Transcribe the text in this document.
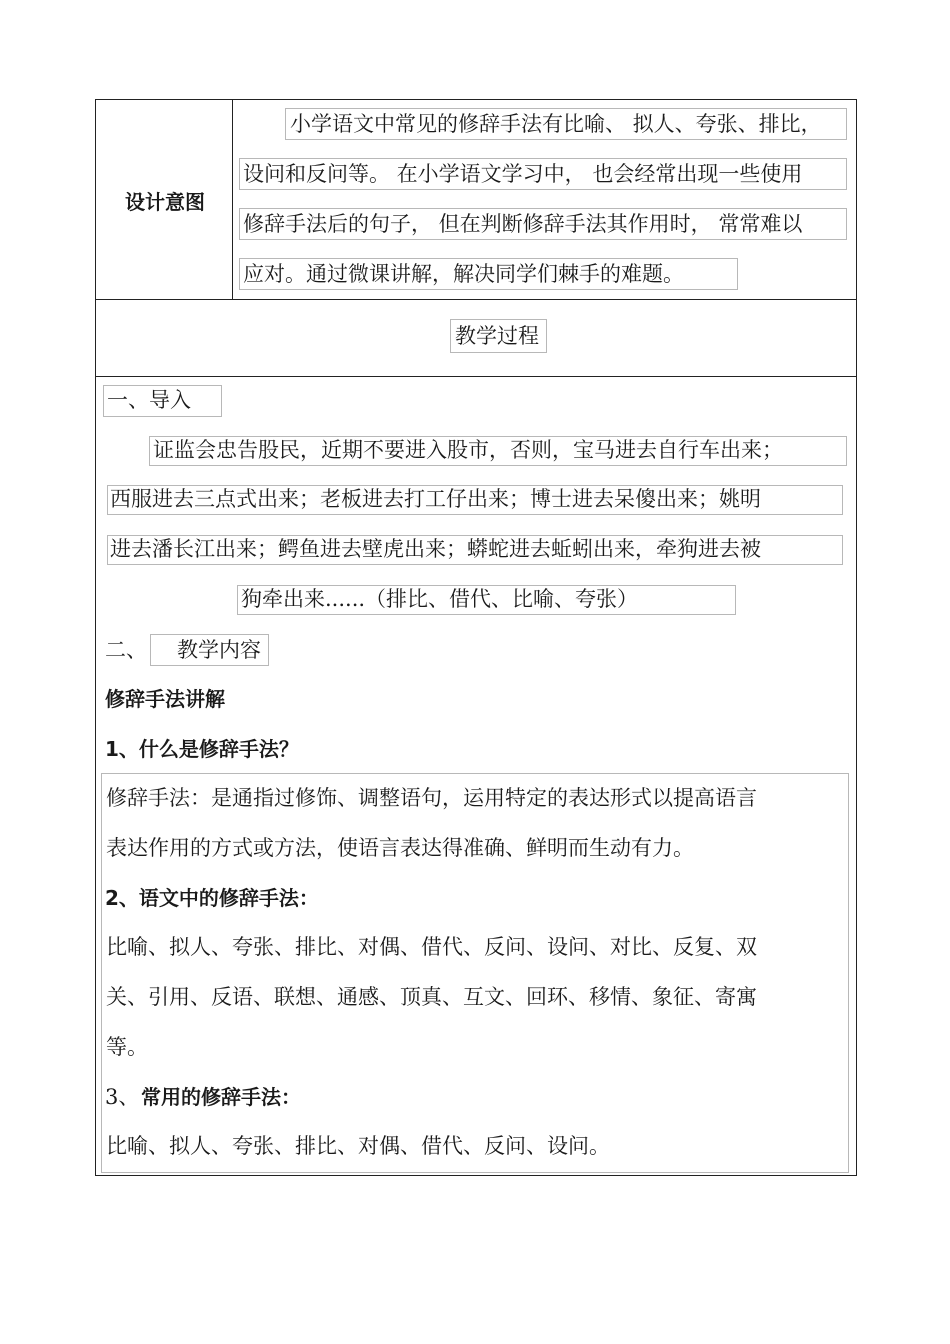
设计意图
小学语文中常见的修辞手法有比喻、 拟人、夸张、排比，
设问和反问等。 在小学语文学习中， 也会经常出现一些使用
修辞手法后的句子， 但在判断修辞手法其作用时， 常常难以
应对。通过微课讲解，解决同学们棘手的难题。
教学过程
一、导入
证监会忠告股民，近期不要进入股市，否则，宝马进去自行车出来；
西服进去三点式出来；老板进去打工仔出来；博士进去呆傻出来；姚明
进去潘长江出来；鳄鱼进去壁虎出来；蟒蛇进去蚯蚓出来，牵狗进去被
狗牵出来......（排比、借代、比喻、夸张）
二、 教学内容
修辞手法讲解
1、什么是修辞手法？
修辞手法：是通指过修饰、调整语句，运用特定的表达形式以提高语言
表达作用的方式或方法，使语言表达得准确、鲜明而生动有力。
2、语文中的修辞手法：
比喻、拟人、夸张、排比、对偶、借代、反问、设问、对比、反复、双
关、引用、反语、联想、通感、顶真、互文、回环、移情、象征、寄寓
等。
3、 常用的修辞手法：
比喻、拟人、夸张、排比、对偶、借代、反问、设问。
